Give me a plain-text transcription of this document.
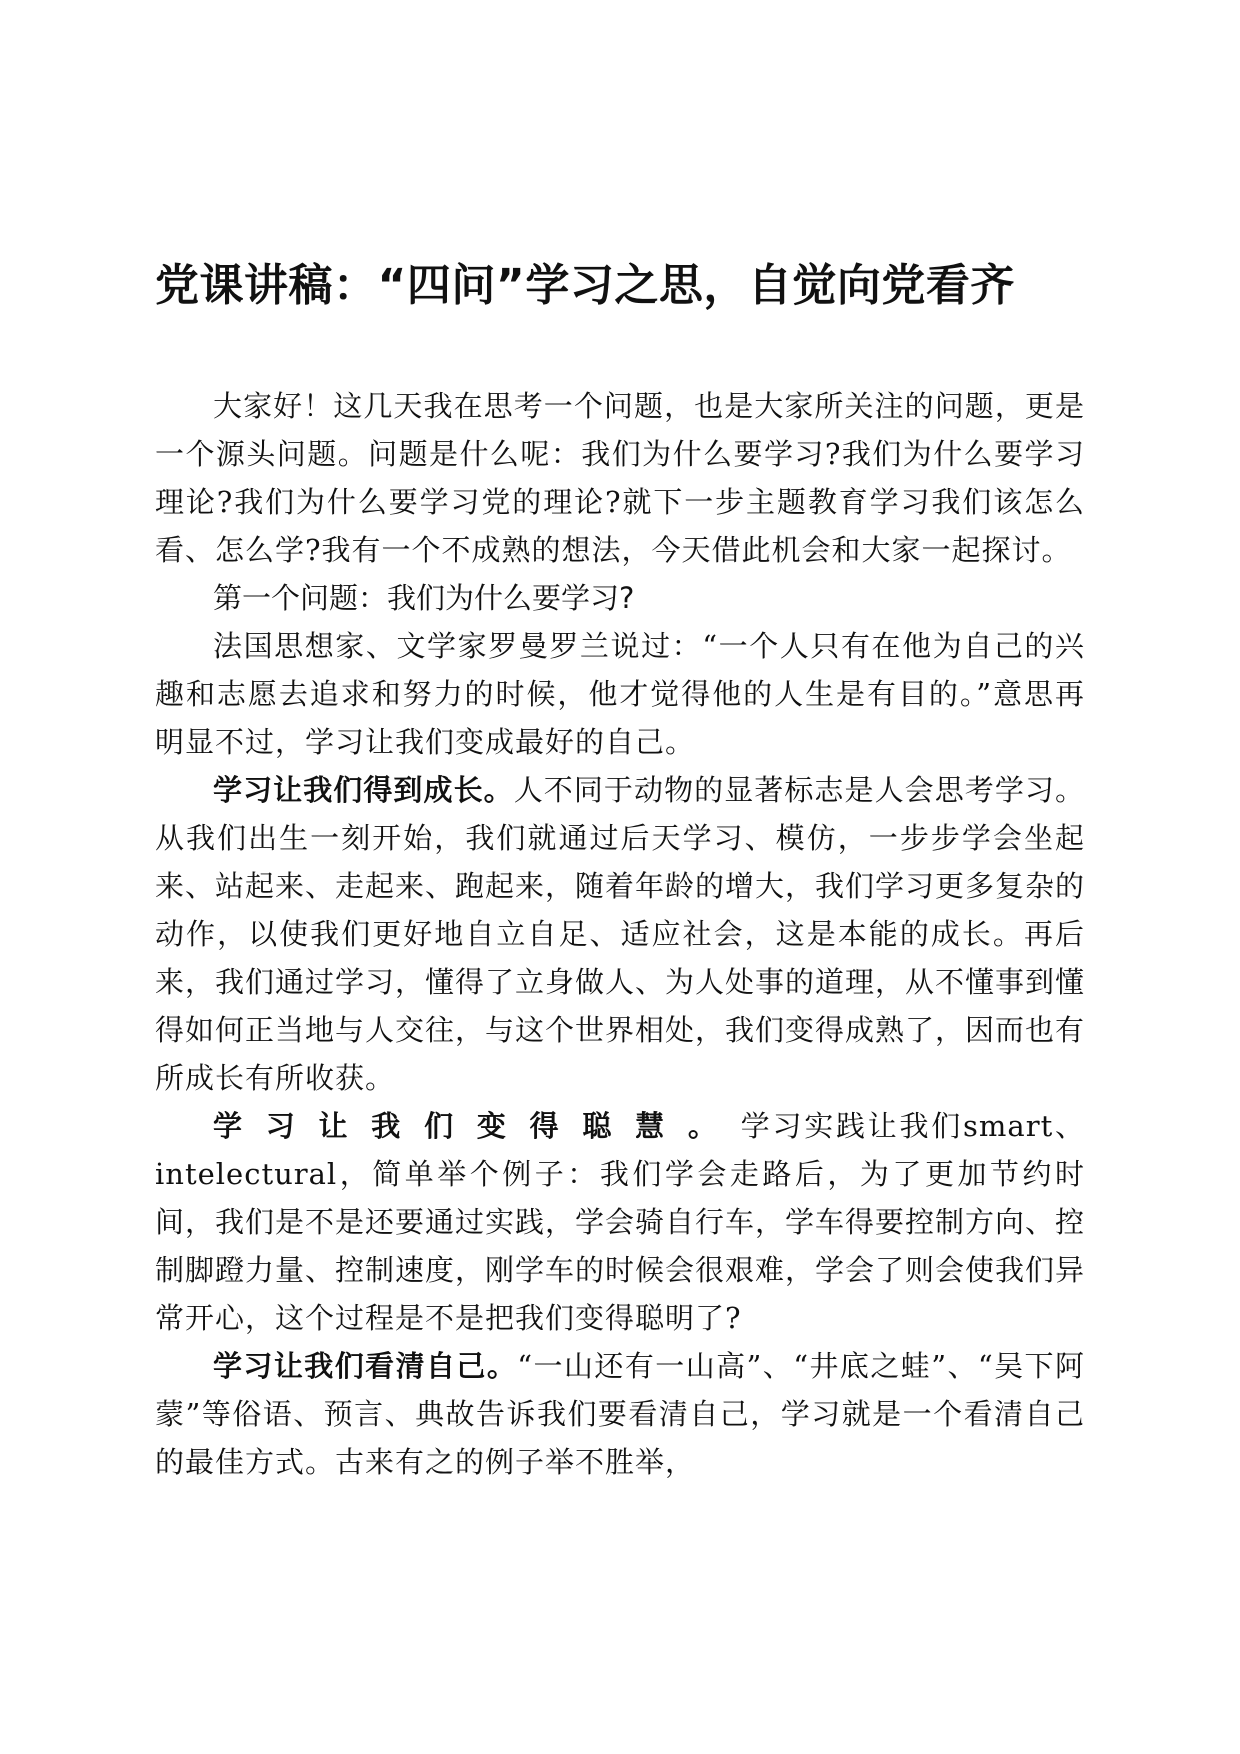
党课讲稿：“四问”学习之思，自觉向党看齐

大家好！这几天我在思考一个问题，也是大家所关注的问题，更是一个源头问题。问题是什么呢：我们为什么要学习?我们为什么要学习理论?我们为什么要学习党的理论?就下一步主题教育学习我们该怎么看、怎么学?我有一个不成熟的想法，今天借此机会和大家一起探讨。

第一个问题：我们为什么要学习?

法国思想家、文学家罗曼罗兰说过：“一个人只有在他为自己的兴趣和志愿去追求和努力的时候，他才觉得他的人生是有目的。”意思再明显不过，学习让我们变成最好的自己。

学习让我们得到成长。人不同于动物的显著标志是人会思考学习。从我们出生一刻开始，我们就通过后天学习、模仿，一步步学会坐起来、站起来、走起来、跑起来，随着年龄的增大，我们学习更多复杂的动作，以使我们更好地自立自足、适应社会，这是本能的成长。再后来，我们通过学习，懂得了立身做人、为人处事的道理，从不懂事到懂得如何正当地与人交往，与这个世界相处，我们变得成熟了，因而也有所成长有所收获。

学习让我们变得聪慧。学习实践让我们smart、intelectural，简单举个例子：我们学会走路后，为了更加节约时间，我们是不是还要通过实践，学会骑自行车，学车得要控制方向、控制脚蹬力量、控制速度，刚学车的时候会很艰难，学会了则会使我们异常开心，这个过程是不是把我们变得聪明了?

学习让我们看清自己。“一山还有一山高”、“井底之蛙”、“吴下阿蒙”等俗语、预言、典故告诉我们要看清自己，学习就是一个看清自己的最佳方式。古来有之的例子举不胜举，
